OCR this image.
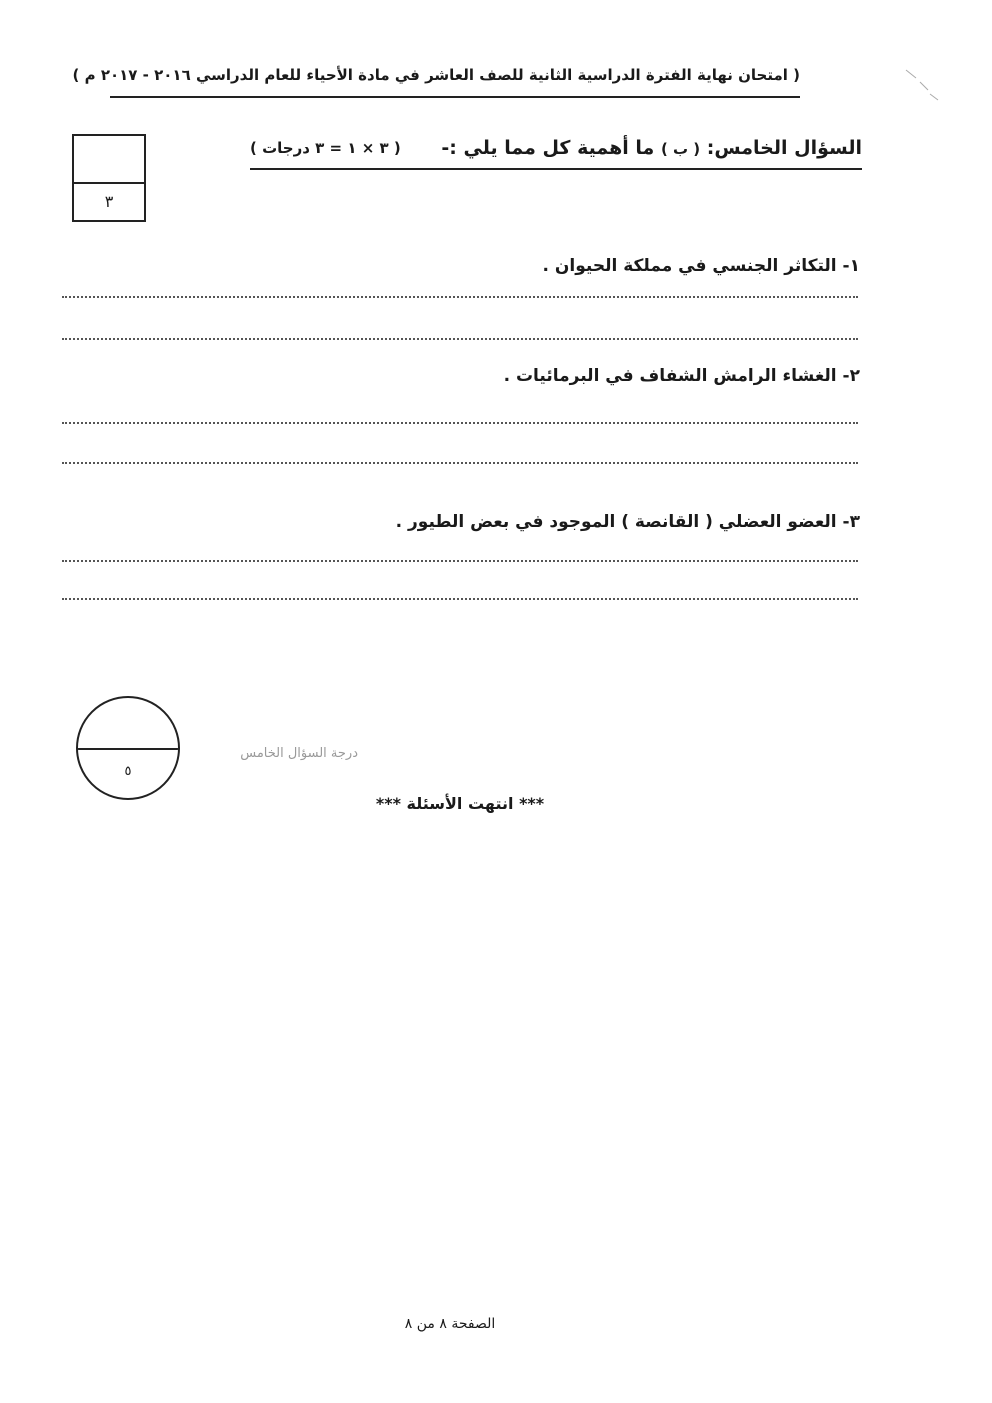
( امتحان نهاية الفترة الدراسية الثانية للصف العاشر في مادة الأحياء للعام الدراسي ٢٠١٦ - ٢٠١٧ م )
٣
السؤال الخامس: ( ب ) ما أهمية كل مما يلي :-
( ٣ × ١ = ٣ درجات )
١- التكاثر الجنسي في مملكة الحيوان .
٢- الغشاء الرامش الشفاف في البرمائيات .
٣- العضو العضلي ( القانصة ) الموجود في بعض الطيور .
٥
درجة السؤال الخامس
*** انتهت الأسئلة ***
الصفحة ٨ من ٨
